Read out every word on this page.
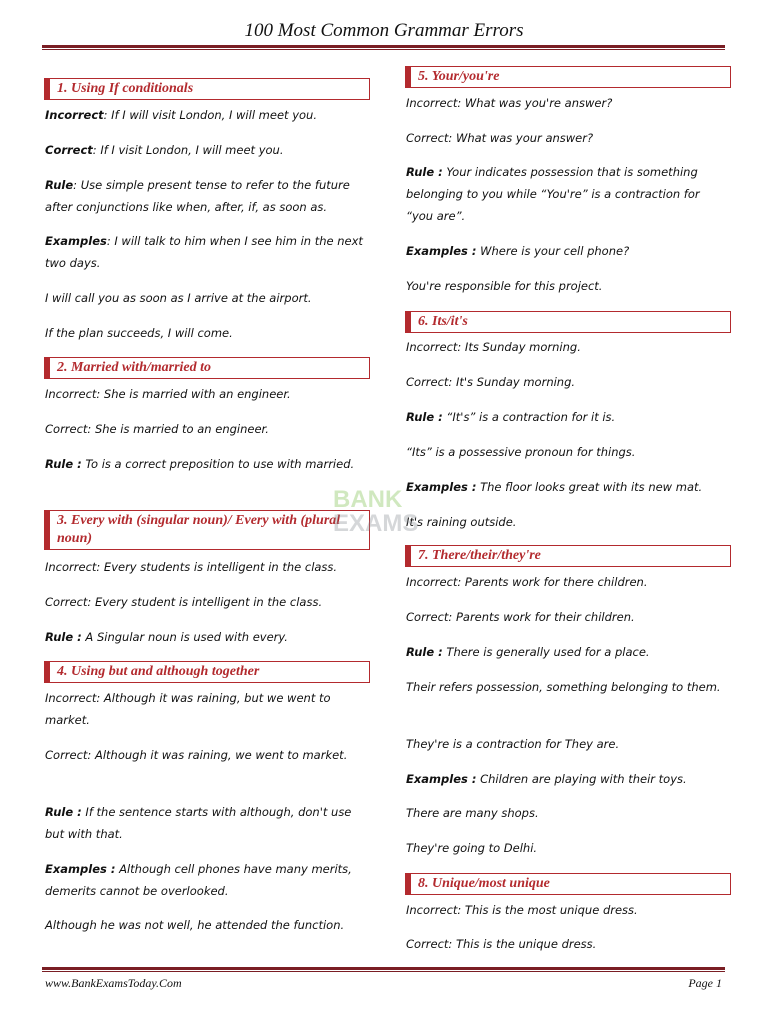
100 Most Common Grammar Errors
1. Using If conditionals
Incorrect: If I will visit London, I will meet you.
Correct: If I visit London, I will meet you.
Rule: Use simple present tense to refer to the future after conjunctions like when, after, if, as soon as.
Examples: I will talk to him when I see him in the next two days.
I will call you as soon as I arrive at the airport.
If the plan succeeds, I will come.
2. Married with/married to
Incorrect: She is married with an engineer.
Correct: She is married to an engineer.
Rule : To is a correct preposition to use with married.
3. Every with (singular noun)/ Every with (plural noun)
Incorrect: Every students is intelligent in the class.
Correct: Every student is intelligent in the class.
Rule : A Singular noun is used with every.
4. Using but and although together
Incorrect: Although it was raining, but we went to market.
Correct: Although it was raining, we went to market.
Rule : If the sentence starts with although, don't use but with that.
Examples : Although cell phones have many merits, demerits cannot be overlooked.
Although he was not well, he attended the function.
5. Your/you're
Incorrect: What was you're answer?
Correct: What was your answer?
Rule : Your indicates possession that is something belonging to you while “You're” is a contraction for “you are”.
Examples : Where is your cell phone?
You're responsible for this project.
6. Its/it's
Incorrect: Its Sunday morning.
Correct: It's Sunday morning.
Rule : “It's” is a contraction for it is.
“Its” is a possessive pronoun for things.
Examples : The floor looks great with its new mat.
It's raining outside.
7. There/their/they're
Incorrect: Parents work for there children.
Correct: Parents work for their children.
Rule : There is generally used for a place.
Their refers possession, something belonging to them.
They're is a contraction for They are.
Examples : Children are playing with their toys.
There are many shops.
They're going to Delhi.
8. Unique/most unique
Incorrect: This is the most unique dress.
Correct: This is the unique dress.
BANK
EXAMS
www.BankExamsToday.Com	Page 1
